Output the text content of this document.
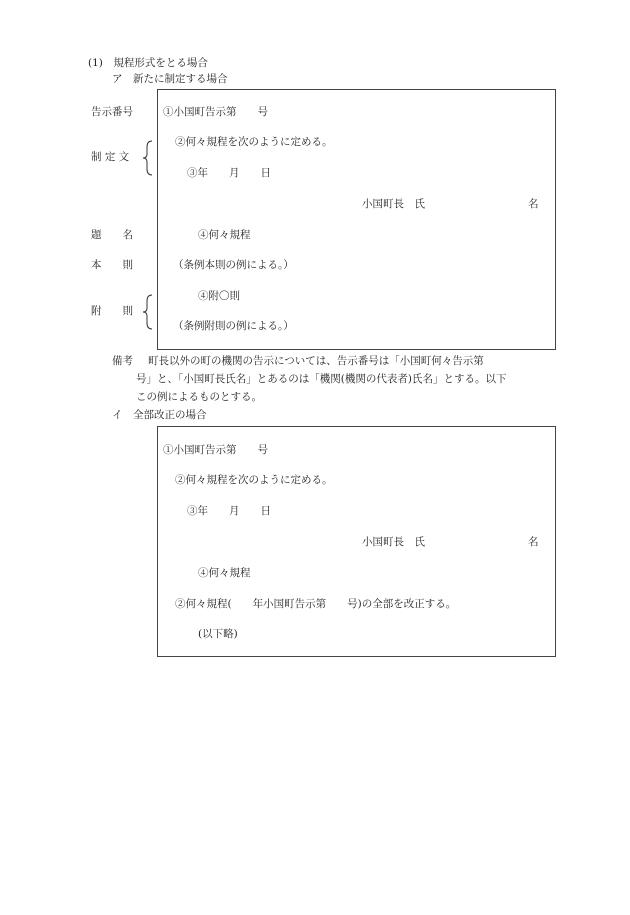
(1)　規程形式をとる場合
ア　新たに制定する場合
告示番号
制 定 文
題　　名
本　　則
附　　則
①小国町告示第　　号
②何々規程を次のように定める。
③年　　月　　日
小国町長　氏	名
④何々規程
（条例本則の例による。）
④附〇則
（条例附則の例による。）
備考 町長以外の町の機関の告示については、告示番号は「小国町何々告示第
号」と、「小国町長氏名」とあるのは「機関(機関の代表者)氏名」とする。以下
この例によるものとする。
イ　全部改正の場合
①小国町告示第　　号
②何々規程を次のように定める。
③年　　月　　日
小国町長　氏	名
④何々規程
②何々規程(　　年小国町告示第　　号)の全部を改正する。
(以下略)
